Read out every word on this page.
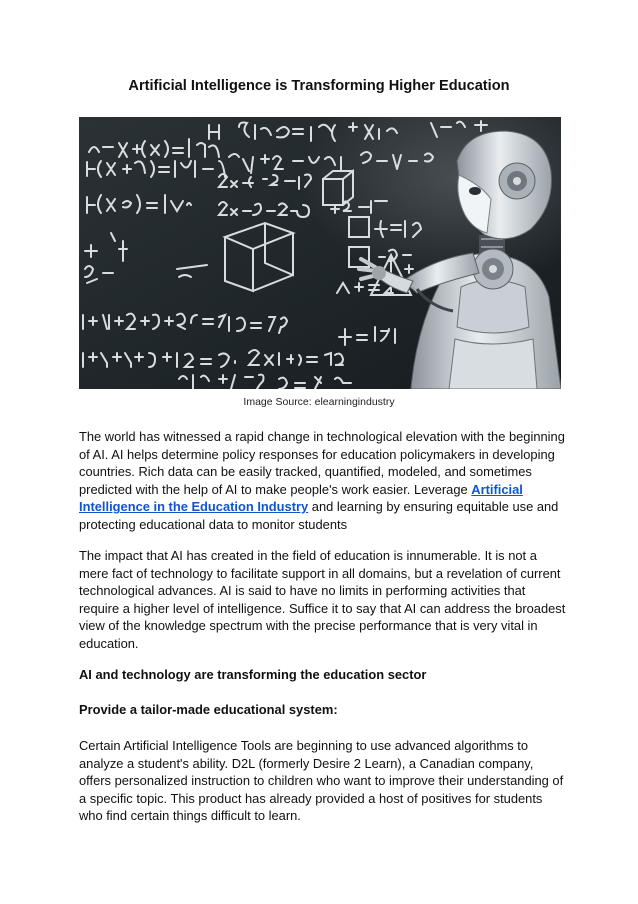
Artificial Intelligence is Transforming Higher Education
Image Source: elearningindustry
The world has witnessed a rapid change in technological elevation with the beginning of AI. AI helps determine policy responses for education policymakers in developing countries. Rich data can be easily tracked, quantified, modeled, and sometimes predicted with the help of AI to make people's work easier. Leverage Artificial Intelligence in the Education Industry and learning by ensuring equitable use and protecting educational data to monitor students
The impact that AI has created in the field of education is innumerable. It is not a mere fact of technology to facilitate support in all domains, but a revelation of current technological advances. AI is said to have no limits in performing activities that require a higher level of intelligence. Suffice it to say that AI can address the broadest view of the knowledge spectrum with the precise performance that is very vital in education.
AI and technology are transforming the education sector
Provide a tailor-made educational system:
Certain Artificial Intelligence Tools are beginning to use advanced algorithms to analyze a student's ability. D2L (formerly Desire 2 Learn), a Canadian company, offers personalized instruction to children who want to improve their understanding of a specific topic. This product has already provided a host of positives for students who find certain things difficult to learn.
